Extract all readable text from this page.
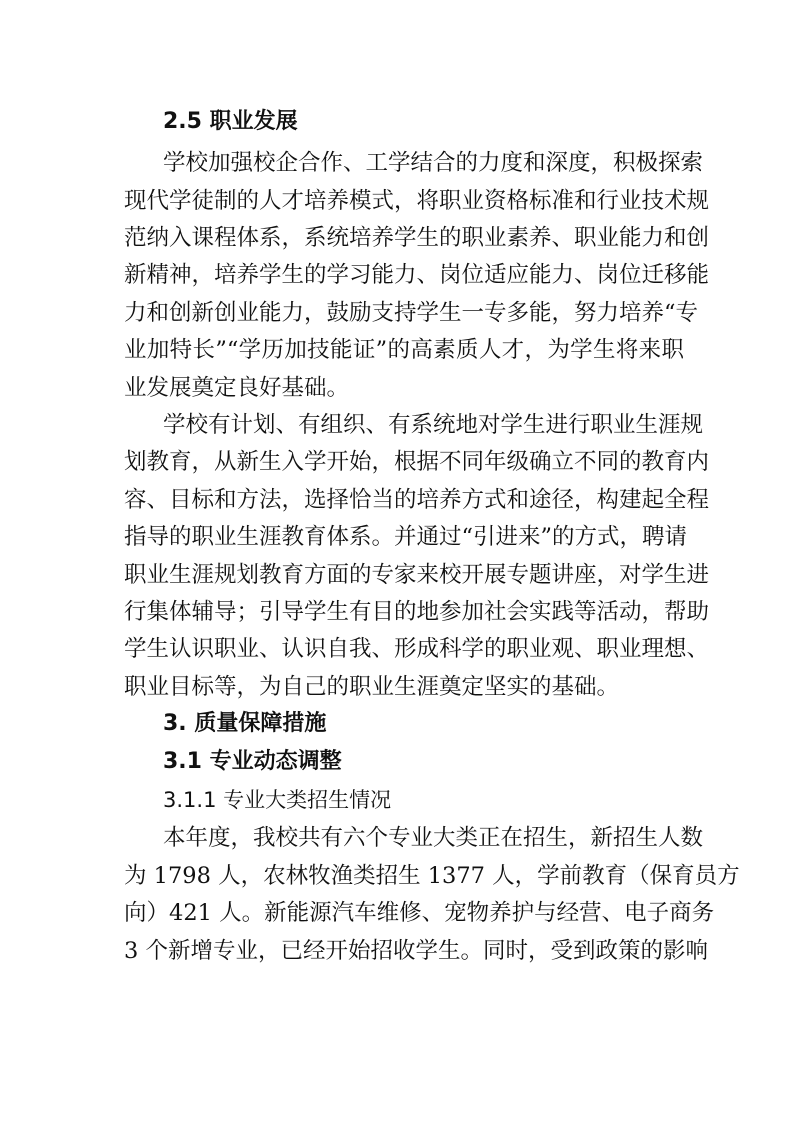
2.5 职业发展
学校加强校企合作、工学结合的力度和深度，积极探索
现代学徒制的人才培养模式，将职业资格标准和行业技术规
范纳入课程体系，系统培养学生的职业素养、职业能力和创
新精神，培养学生的学习能力、岗位适应能力、岗位迁移能
力和创新创业能力，鼓励支持学生一专多能，努力培养“专
业加特长”“学历加技能证”的高素质人才，为学生将来职
业发展奠定良好基础。
学校有计划、有组织、有系统地对学生进行职业生涯规
划教育，从新生入学开始，根据不同年级确立不同的教育内
容、目标和方法，选择恰当的培养方式和途径，构建起全程
指导的职业生涯教育体系。并通过“引进来”的方式，聘请
职业生涯规划教育方面的专家来校开展专题讲座，对学生进
行集体辅导；引导学生有目的地参加社会实践等活动，帮助
学生认识职业、认识自我、形成科学的职业观、职业理想、
职业目标等，为自己的职业生涯奠定坚实的基础。
3. 质量保障措施
3.1 专业动态调整
3.1.1 专业大类招生情况
本年度，我校共有六个专业大类正在招生，新招生人数
为 1798 人，农林牧渔类招生 1377 人，学前教育（保育员方
向）421 人。新能源汽车维修、宠物养护与经营、电子商务
3 个新增专业，已经开始招收学生。同时，受到政策的影响
